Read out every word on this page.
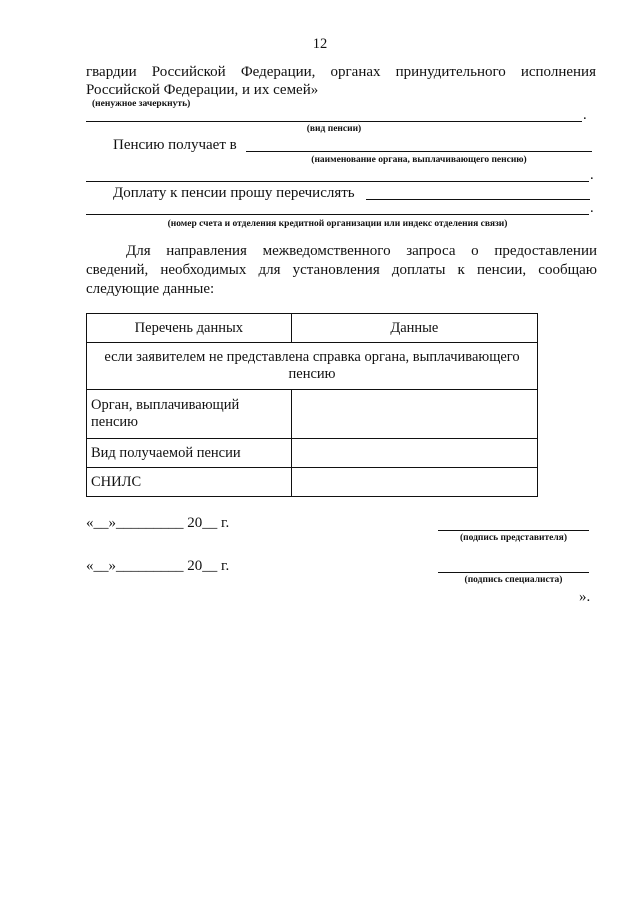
12
гвардии Российской Федерации, органах принудительного исполнения
Российской Федерации, и их семей»
(ненужное зачеркнуть)
.
(вид пенсии)
Пенсию получает в
(наименование органа, выплачивающего пенсию)
.
Доплату к пенсии прошу перечислять
.
(номер счета и отделения кредитной организации или индекс отделения связи)
Для направления межведомственного запроса о предоставлении
сведений, необходимых для установления доплаты к пенсии, сообщаю
следующие данные:
Перечень данных	Данные
если заявителем не представлена справка органа, выплачивающего пенсию	
Орган, выплачивающий пенсию	
Вид получаемой пенсии	
СНИЛС	
«__»_________ 20__ г.
(подпись представителя)
«__»_________ 20__ г.
(подпись специалиста)
».
